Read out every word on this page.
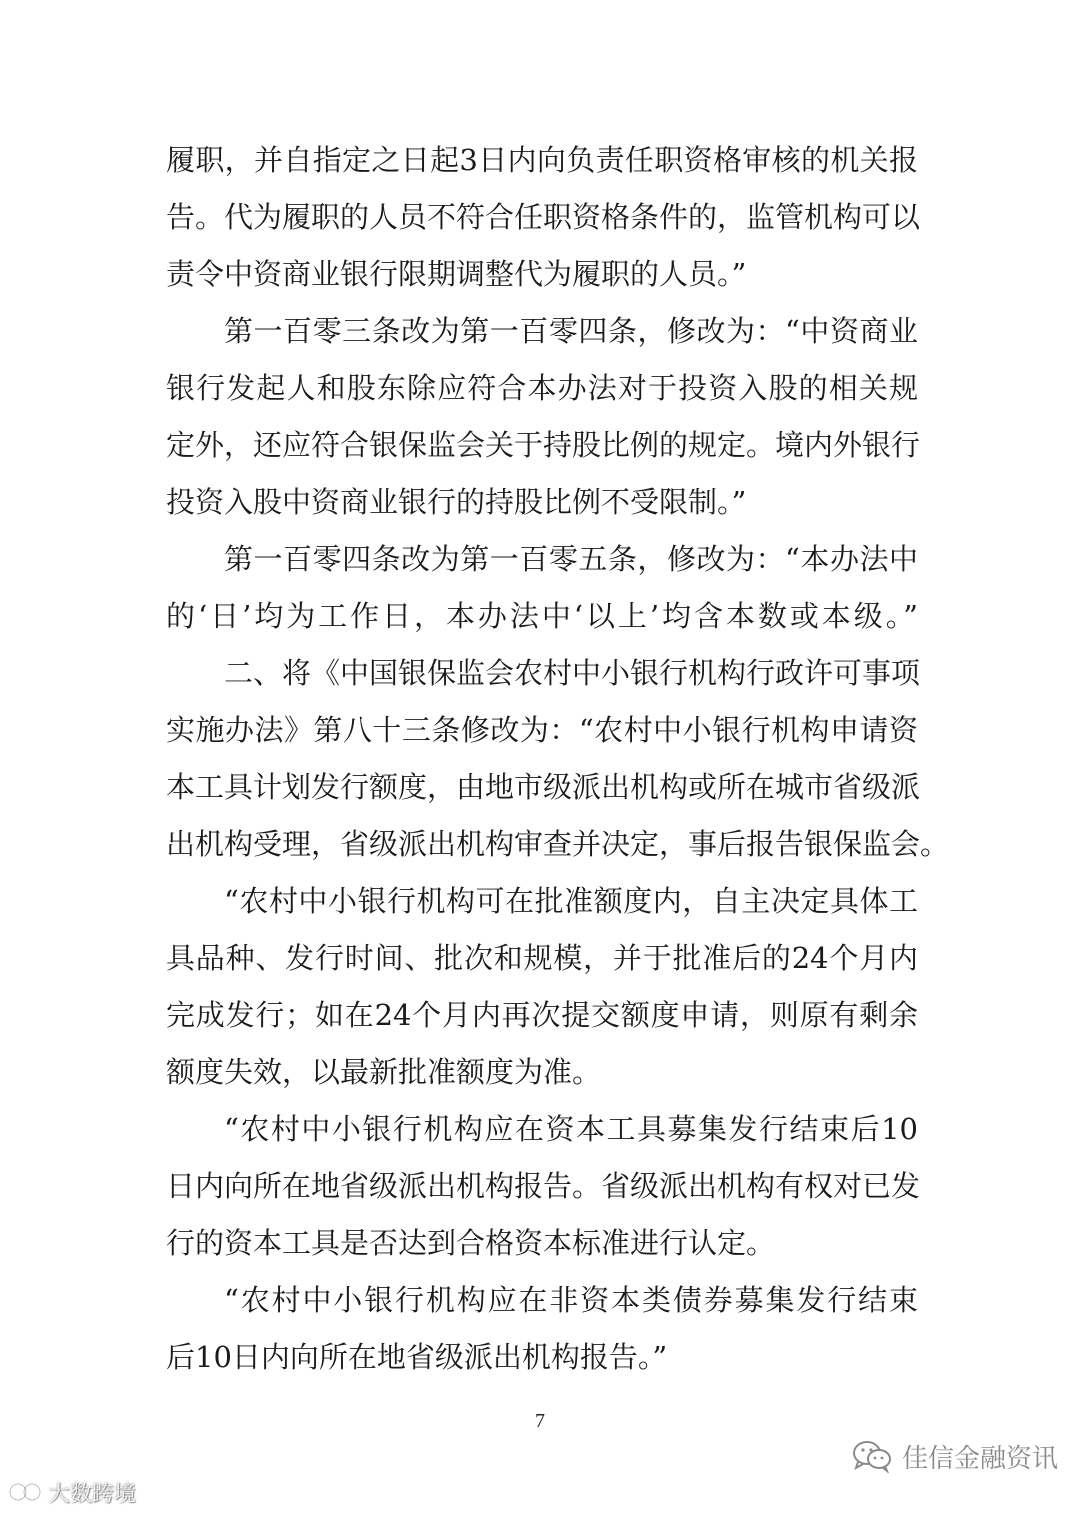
履职，并自指定之日起3日内向负责任职资格审核的机关报
告。代为履职的人员不符合任职资格条件的，监管机构可以
责令中资商业银行限期调整代为履职的人员。”
第一百零三条改为第一百零四条，修改为：“中资商业
银行发起人和股东除应符合本办法对于投资入股的相关规
定外，还应符合银保监会关于持股比例的规定。境内外银行
投资入股中资商业银行的持股比例不受限制。”
第一百零四条改为第一百零五条，修改为：“本办法中
的‘日’均为工作日，本办法中‘以上’均含本数或本级。”
二、将《中国银保监会农村中小银行机构行政许可事项
实施办法》第八十三条修改为：“农村中小银行机构申请资
本工具计划发行额度，由地市级派出机构或所在城市省级派
出机构受理，省级派出机构审查并决定，事后报告银保监会。
“农村中小银行机构可在批准额度内，自主决定具体工
具品种、发行时间、批次和规模，并于批准后的24个月内
完成发行；如在24个月内再次提交额度申请，则原有剩余
额度失效，以最新批准额度为准。
“农村中小银行机构应在资本工具募集发行结束后10
日内向所在地省级派出机构报告。省级派出机构有权对已发
行的资本工具是否达到合格资本标准进行认定。
“农村中小银行机构应在非资本类债券募集发行结束
后10日内向所在地省级派出机构报告。”
7
佳信金融资讯
大数跨境
